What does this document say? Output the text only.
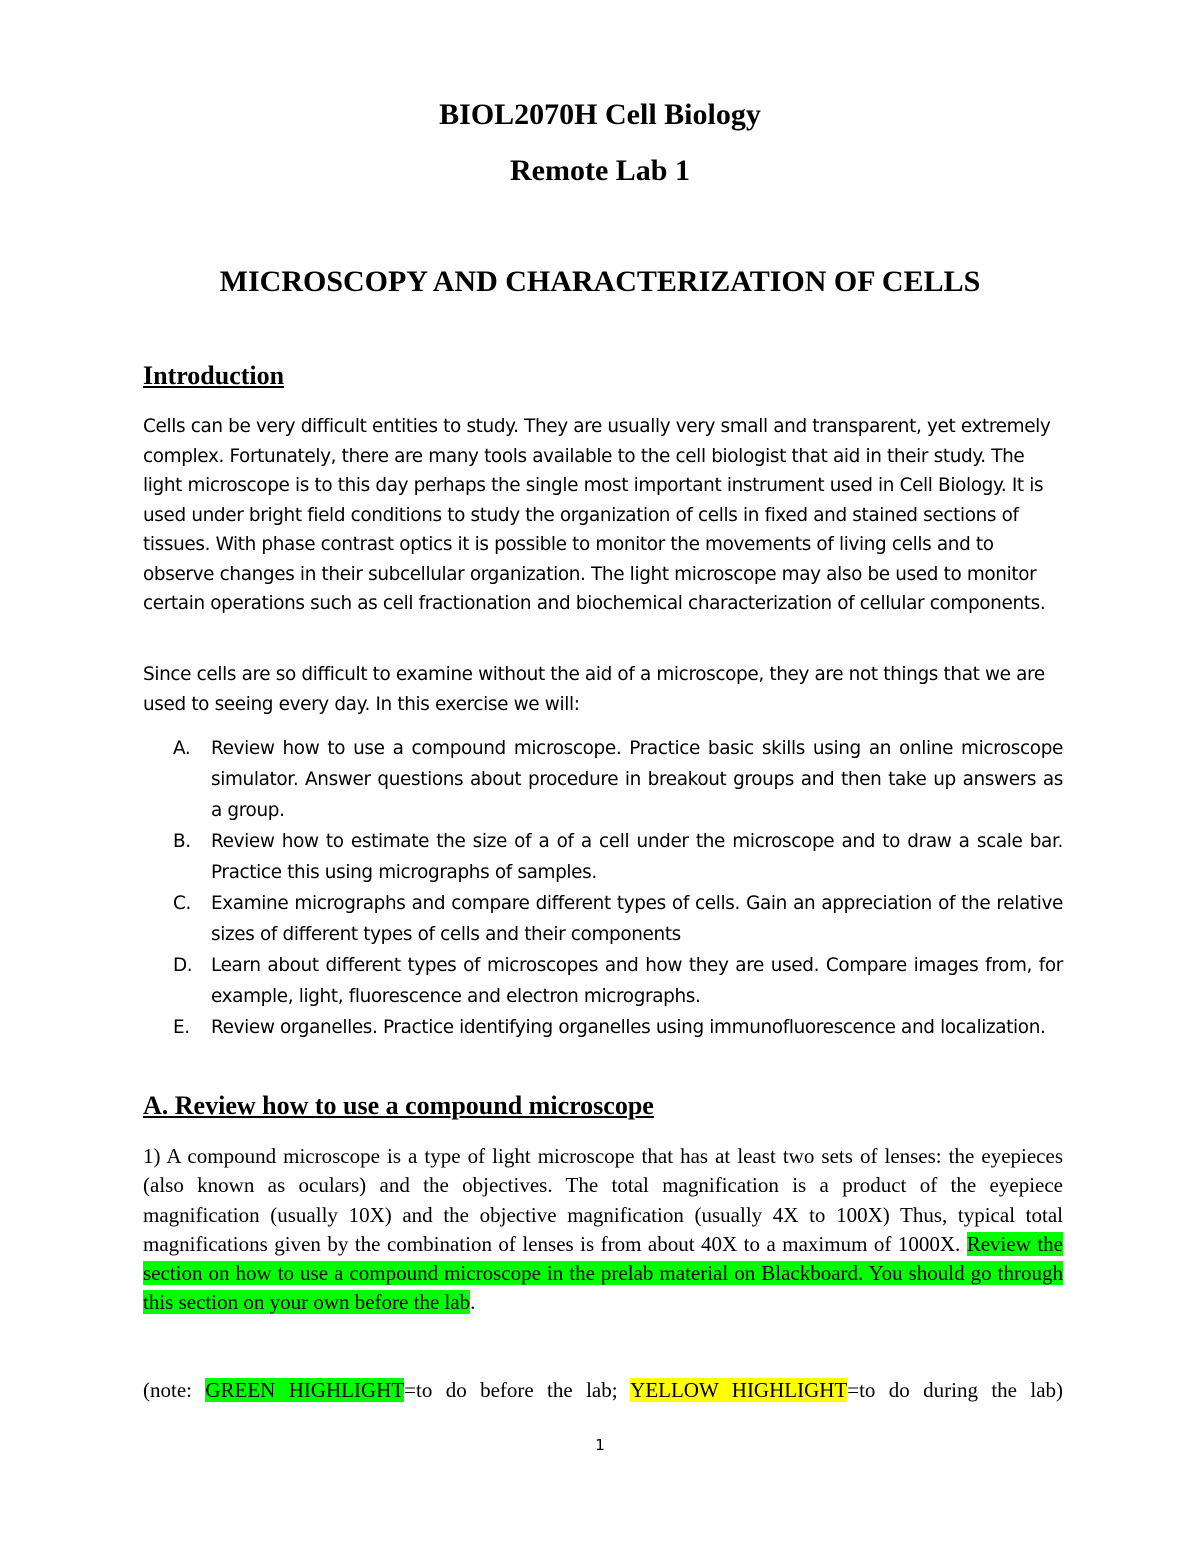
BIOL2070H Cell Biology
Remote Lab 1
MICROSCOPY AND CHARACTERIZATION OF CELLS
Introduction

Cells can be very difficult entities to study. They are usually very small and transparent, yet extremely complex. Fortunately, there are many tools available to the cell biologist that aid in their study. The light microscope is to this day perhaps the single most important instrument used in Cell Biology. It is used under bright field conditions to study the organization of cells in fixed and stained sections of tissues. With phase contrast optics it is possible to monitor the movements of living cells and to observe changes in their subcellular organization. The light microscope may also be used to monitor certain operations such as cell fractionation and biochemical characterization of cellular components.

Since cells are so difficult to examine without the aid of a microscope, they are not things that we are used to seeing every day. In this exercise we will:

A.	Review how to use a compound microscope. Practice basic skills using an online microscope simulator. Answer questions about procedure in breakout groups and then take up answers as a group.
B.	Review how to estimate the size of a of a cell under the microscope and to draw a scale bar. Practice this using micrographs of samples.
C.	Examine micrographs and compare different types of cells. Gain an appreciation of the relative sizes of different types of cells and their components
D.	Learn about different types of microscopes and how they are used. Compare images from, for example, light, fluorescence and electron micrographs.
E.	Review organelles. Practice identifying organelles using immunofluorescence and localization.
A. Review how to use a compound microscope

1) A compound microscope is a type of light microscope that has at least two sets of lenses: the eyepieces (also known as oculars) and the objectives. The total magnification is a product of the eyepiece magnification (usually 10X) and the objective magnification (usually 4X to 100X) Thus, typical total magnifications given by the combination of lenses is from about 40X to a maximum of 1000X. Review the section on how to use a compound microscope in the prelab material on Blackboard. You should go through this section on your own before the lab.

(note: GREEN HIGHLIGHT=to do before the lab; YELLOW HIGHLIGHT=to do during the lab)

1
